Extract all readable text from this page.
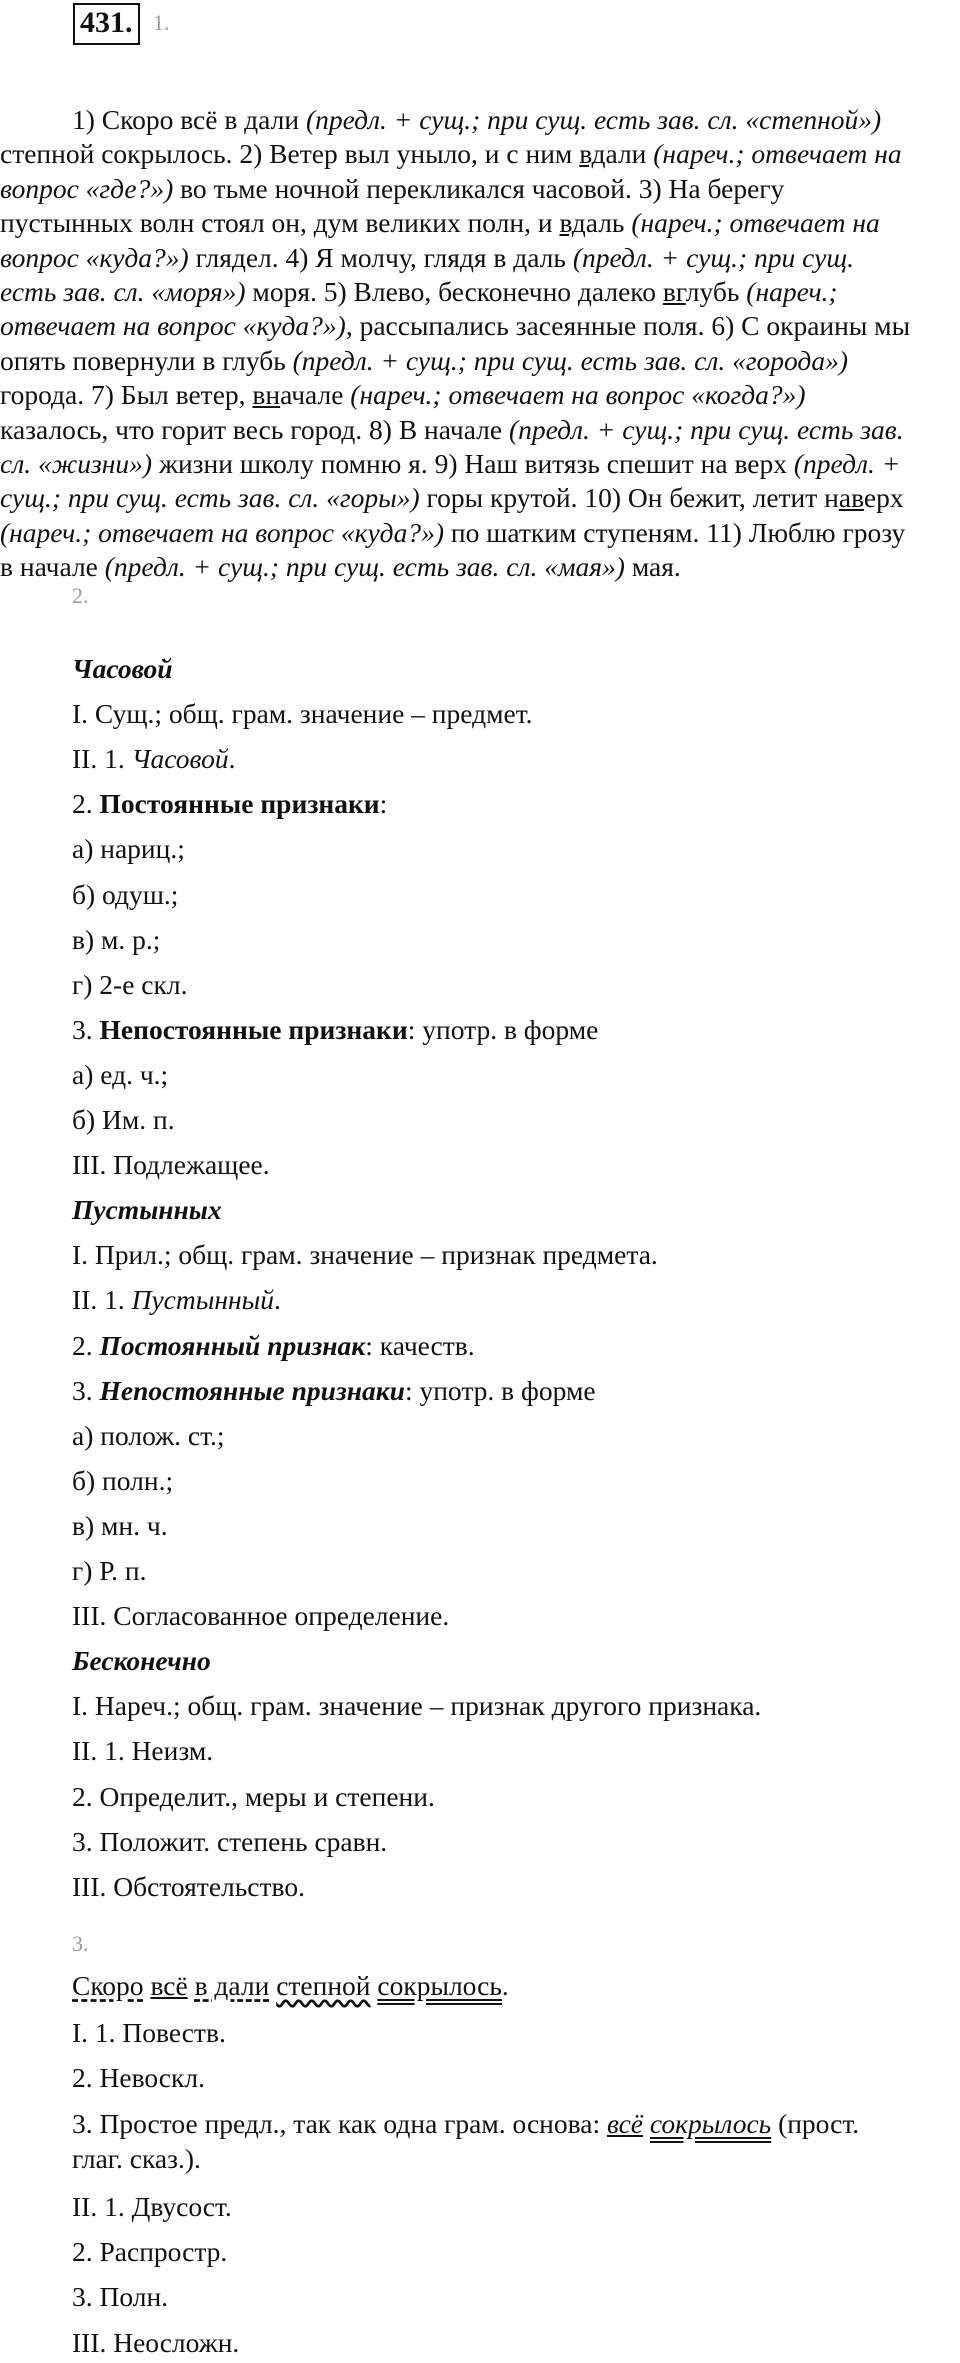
431. 1.
1) Скоро всё в дали (предл. + сущ.; при сущ. есть зав. сл. «степной»)
степной сокрылось. 2) Ветер выл уныло, и с ним вдали (нареч.; отвечает на
вопрос «где?») во тьме ночной перекликался часовой. 3) На берегу
пустынных волн стоял он, дум великих полн, и вдаль (нареч.; отвечает на
вопрос «куда?») глядел. 4) Я молчу, глядя в даль (предл. + сущ.; при сущ.
есть зав. сл. «моря») моря. 5) Влево, бесконечно далеко вглубь (нареч.;
отвечает на вопрос «куда?»), рассыпались засеянные поля. 6) С окраины мы
опять повернули в глубь (предл. + сущ.; при сущ. есть зав. сл. «города»)
города. 7) Был ветер, вначале (нареч.; отвечает на вопрос «когда?»)
казалось, что горит весь город. 8) В начале (предл. + сущ.; при сущ. есть зав.
сл. «жизни») жизни школу помню я. 9) Наш витязь спешит на верх (предл. +
сущ.; при сущ. есть зав. сл. «горы») горы крутой. 10) Он бежит, летит наверх
(нареч.; отвечает на вопрос «куда?») по шатким ступеням. 11) Люблю грозу
в начале (предл. + сущ.; при сущ. есть зав. сл. «мая») мая.
2.
Часовой
I. Сущ.; общ. грам. значение – предмет.
II. 1. Часовой.
2. Постоянные признаки:
а) нариц.;
б) одуш.;
в) м. р.;
г) 2-е скл.
3. Непостоянные признаки: употр. в форме
а) ед. ч.;
б) Им. п.
III. Подлежащее.
Пустынных
I. Прил.; общ. грам. значение – признак предмета.
II. 1. Пустынный.
2. Постоянный признак: качеств.
3. Непостоянные признаки: употр. в форме
а) полож. ст.;
б) полн.;
в) мн. ч.
г) Р. п.
III. Согласованное определение.
Бесконечно
I. Нареч.; общ. грам. значение – признак другого признака.
II. 1. Неизм.
2. Определит., меры и степени.
3. Положит. степень сравн.
III. Обстоятельство.
3.
Скоро всё в дали степной сокрылось.
I. 1. Повеств.
2. Невоскл.
3. Простое предл., так как одна грам. основа: всё сокрылось (прост.
глаг. сказ.).
II. 1. Двусост.
2. Распростр.
3. Полн.
III. Неосложн.
